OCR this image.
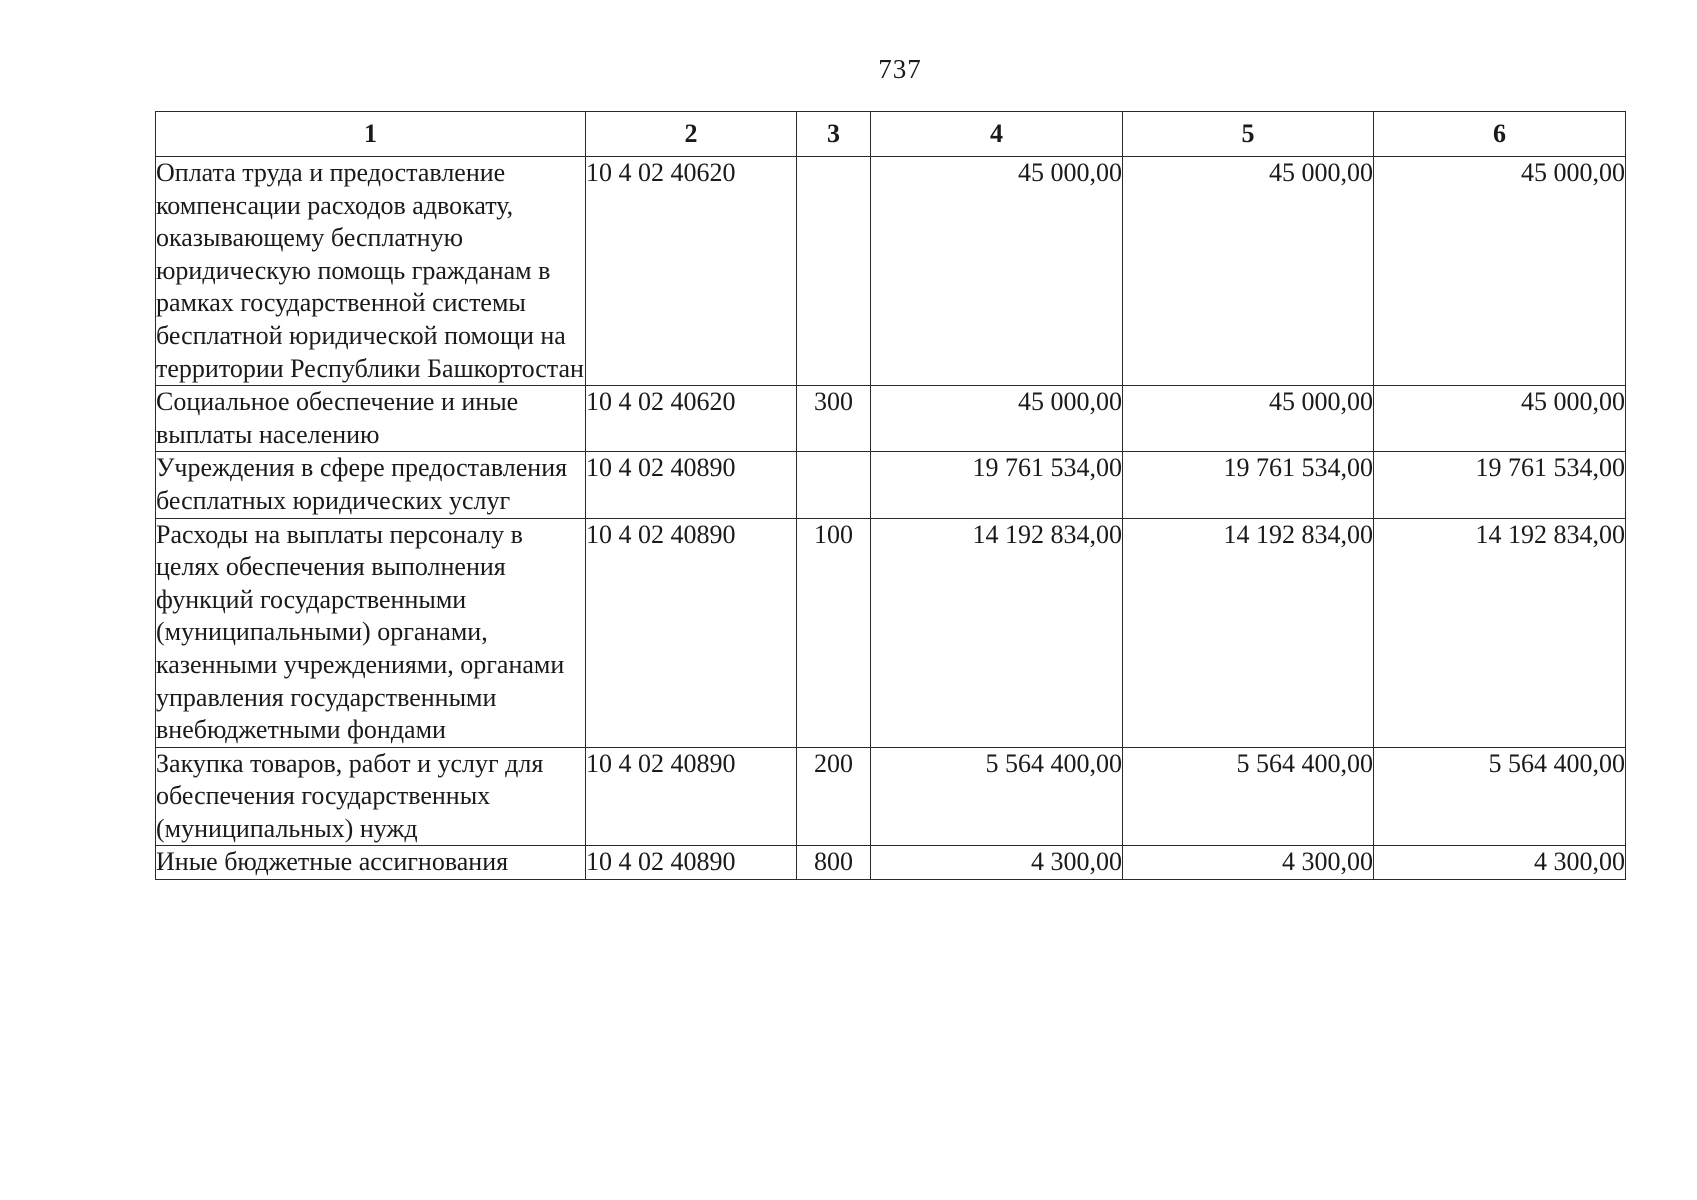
737
1	2	3	4	5	6
Оплата труда и предоставление компенсации расходов адвокату, оказывающему бесплатную юридическую помощь гражданам в рамках государственной системы бесплатной юридической помощи на территории Республики Башкортостан	10 4 02 40620		45 000,00	45 000,00	45 000,00
Социальное обеспечение и иные выплаты населению	10 4 02 40620	300	45 000,00	45 000,00	45 000,00
Учреждения в сфере предоставления бесплатных юридических услуг	10 4 02 40890		19 761 534,00	19 761 534,00	19 761 534,00
Расходы на выплаты персоналу в целях обеспечения выполнения функций государственными (муниципальными) органами, казенными учреждениями, органами управления государственными внебюджетными фондами	10 4 02 40890	100	14 192 834,00	14 192 834,00	14 192 834,00
Закупка товаров, работ и услуг для обеспечения государственных (муниципальных) нужд	10 4 02 40890	200	5 564 400,00	5 564 400,00	5 564 400,00
Иные бюджетные ассигнования	10 4 02 40890	800	4 300,00	4 300,00	4 300,00
